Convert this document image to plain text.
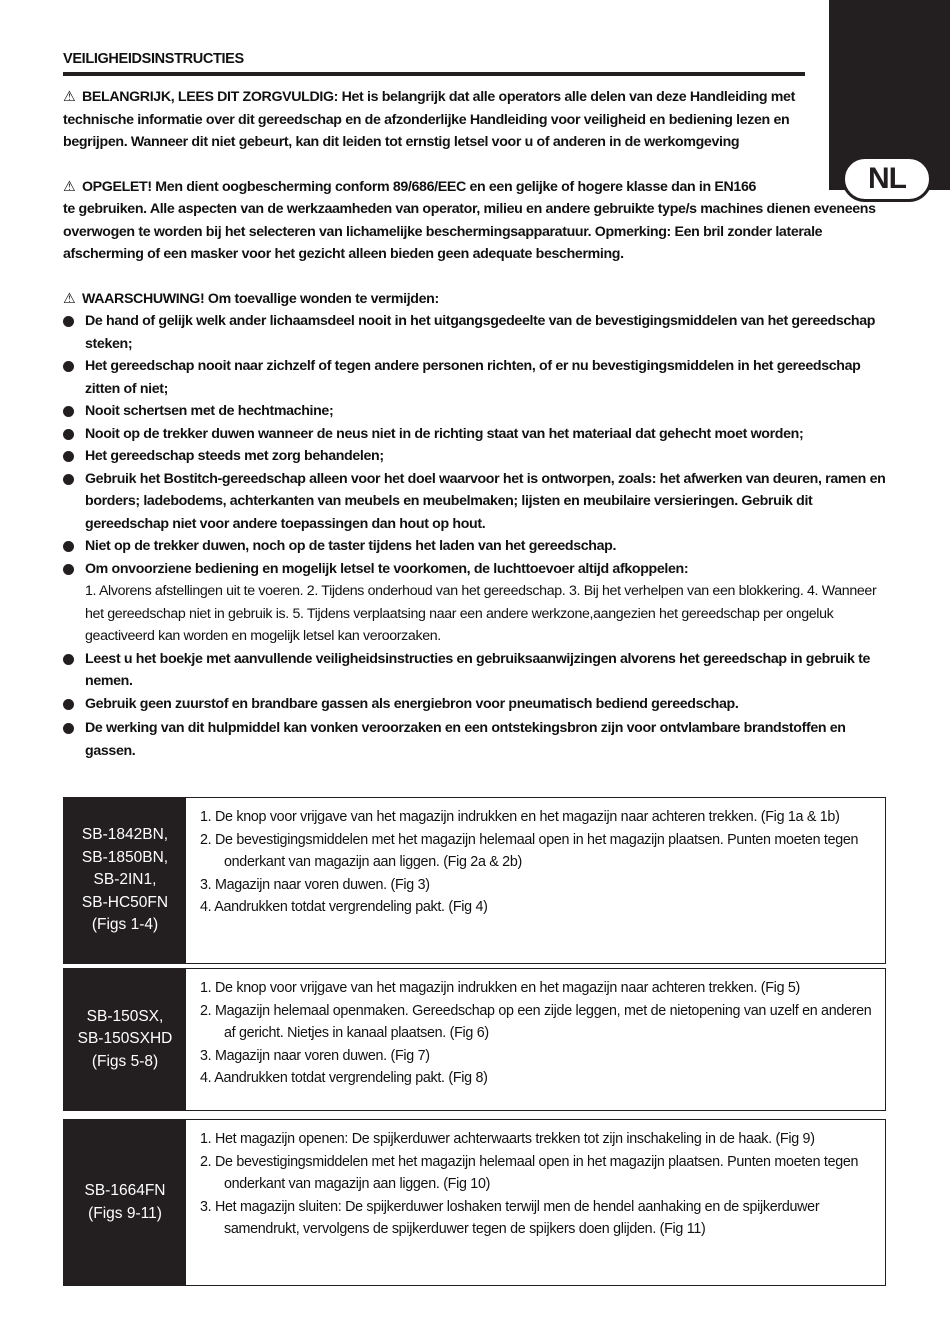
NL
VEILIGHEIDSINSTRUCTIES
⚠ BELANGRIJK, LEES DIT ZORGVULDIG: Het is belangrijk dat alle operators alle delen van deze Handleiding met technische informatie over dit gereedschap en de afzonderlijke Handleiding voor veiligheid en bediening lezen en begrijpen. Wanneer dit niet gebeurt, kan dit leiden tot ernstig letsel voor u of anderen in de werkomgeving
⚠ OPGELET! Men dient oogbescherming conform 89/686/EEC en een gelijke of hogere klasse dan in EN166
te gebruiken. Alle aspecten van de werkzaamheden van operator, milieu en andere gebruikte type/s machines dienen eveneens overwogen te worden bij het selecteren van lichamelijke beschermingsapparatuur. Opmerking: Een bril zonder laterale afscherming of een masker voor het gezicht alleen bieden geen adequate bescherming.
⚠ WAARSCHUWING! Om toevallige wonden te vermijden:
De hand of gelijk welk ander lichaamsdeel nooit in het uitgangsgedeelte van de bevestigingsmiddelen van het gereedschap steken;
Het gereedschap nooit naar zichzelf of tegen andere personen richten, of er nu bevestigingsmiddelen in het gereedschap zitten of niet;
Nooit schertsen met de hechtmachine;
Nooit op de trekker duwen wanneer de neus niet in de richting staat van het materiaal dat gehecht moet worden;
Het gereedschap steeds met zorg behandelen;
Gebruik het Bostitch-gereedschap alleen voor het doel waarvoor het is ontworpen, zoals: het afwerken van deuren, ramen en borders; ladebodems, achterkanten van meubels en meubelmaken; lijsten en meubilaire versieringen. Gebruik dit gereedschap niet voor andere toepassingen dan hout op hout.
Niet op de trekker duwen, noch op de taster tijdens het laden van het gereedschap.
Om onvoorziene bediening en mogelijk letsel te voorkomen, de luchttoevoer altijd afkoppelen:
1. Alvorens afstellingen uit te voeren. 2. Tijdens onderhoud van het gereedschap. 3. Bij het verhelpen van een blokkering. 4. Wanneer het gereedschap niet in gebruik is. 5. Tijdens verplaatsing naar een andere werkzone,aangezien het gereedschap per ongeluk geactiveerd kan worden en mogelijk letsel kan veroorzaken.
Leest u het boekje met aanvullende veiligheidsinstructies en gebruiksaanwijzingen alvorens het gereedschap in gebruik te nemen.
Gebruik geen zuurstof en brandbare gassen als energiebron voor pneumatisch bediend gereedschap.
De werking van dit hulpmiddel kan vonken veroorzaken en een ontstekingsbron zijn voor ontvlambare brandstoffen en gassen.
SB-1842BN,
SB-1850BN,
SB-2IN1,
SB-HC50FN
(Figs 1-4)
1. De knop voor vrijgave van het magazijn indrukken en het magazijn naar achteren trekken. (Fig 1a & 1b)
2. De bevestigingsmiddelen met het magazijn helemaal open in het magazijn plaatsen. Punten moeten tegen onderkant van magazijn aan liggen. (Fig 2a & 2b)
3. Magazijn naar voren duwen. (Fig 3)
4. Aandrukken totdat vergrendeling pakt. (Fig 4)
SB-150SX,
SB-150SXHD
(Figs 5-8)
1. De knop voor vrijgave van het magazijn indrukken en het magazijn naar achteren trekken. (Fig 5)
2. Magazijn helemaal openmaken. Gereedschap op een zijde leggen, met de nietopening van uzelf en anderen af gericht. Nietjes in kanaal plaatsen. (Fig 6)
3. Magazijn naar voren duwen. (Fig 7)
4. Aandrukken totdat vergrendeling pakt. (Fig 8)
SB-1664FN
(Figs 9-11)
1. Het magazijn openen: De spijkerduwer achterwaarts trekken tot zijn inschakeling in de haak. (Fig 9)
2. De bevestigingsmiddelen met het magazijn helemaal open in het magazijn plaatsen. Punten moeten tegen onderkant van magazijn aan liggen. (Fig 10)
3. Het magazijn sluiten: De spijkerduwer loshaken terwijl men de hendel aanhaking en de spijkerduwer samendrukt, vervolgens de spijkerduwer tegen de spijkers doen glijden. (Fig 11)
